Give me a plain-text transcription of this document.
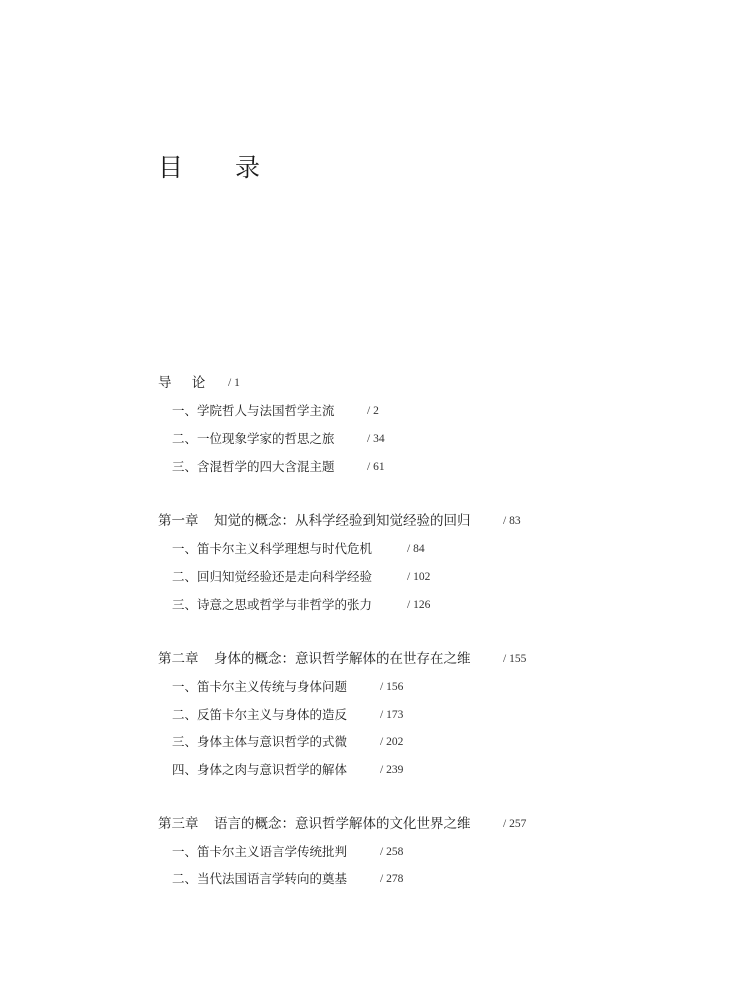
目 录
导 论	/ 1
一、学院哲人与法国哲学主流	/ 2
二、一位现象学家的哲思之旅	/ 34
三、含混哲学的四大含混主题	/ 61
第一章 知觉的概念：从科学经验到知觉经验的回归	/ 83
一、笛卡尔主义科学理想与时代危机	/ 84
二、回归知觉经验还是走向科学经验	/ 102
三、诗意之思或哲学与非哲学的张力	/ 126
第二章 身体的概念：意识哲学解体的在世存在之维	/ 155
一、笛卡尔主义传统与身体问题	/ 156
二、反笛卡尔主义与身体的造反	/ 173
三、身体主体与意识哲学的式微	/ 202
四、身体之肉与意识哲学的解体	/ 239
第三章 语言的概念：意识哲学解体的文化世界之维	/ 257
一、笛卡尔主义语言学传统批判	/ 258
二、当代法国语言学转向的奠基	/ 278
